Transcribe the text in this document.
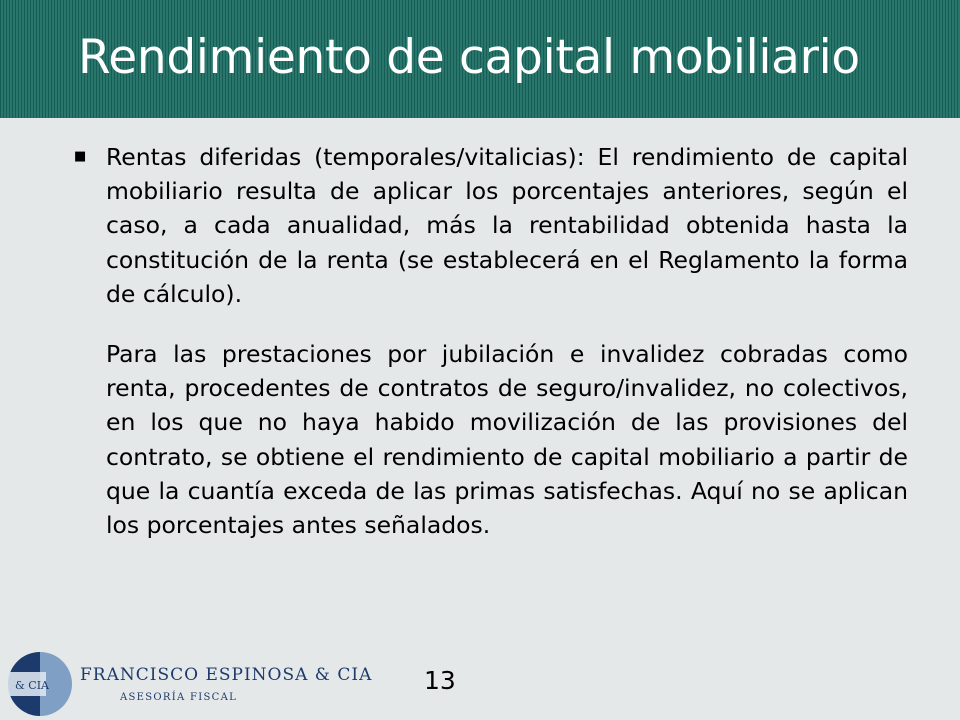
Rendimiento de capital mobiliario
■ Rentas diferidas (temporales/vitalicias): El rendimiento de capital mobiliario resulta de aplicar los porcentajes anteriores, según el caso, a cada anualidad, más la rentabilidad obtenida hasta la constitución de la renta (se establecerá en el Reglamento la forma de cálculo).

Para las prestaciones por jubilación e invalidez cobradas como renta, procedentes de contratos de seguro/invalidez, no colectivos, en los que no haya habido movilización de las provisiones del contrato, se obtiene el rendimiento de capital mobiliario a partir de que la cuantía exceda de las primas satisfechas. Aquí no se aplican los porcentajes antes señalados.

13
& CIA
FRANCISCO ESPINOSA & CIA
ASESORÍA FISCAL
